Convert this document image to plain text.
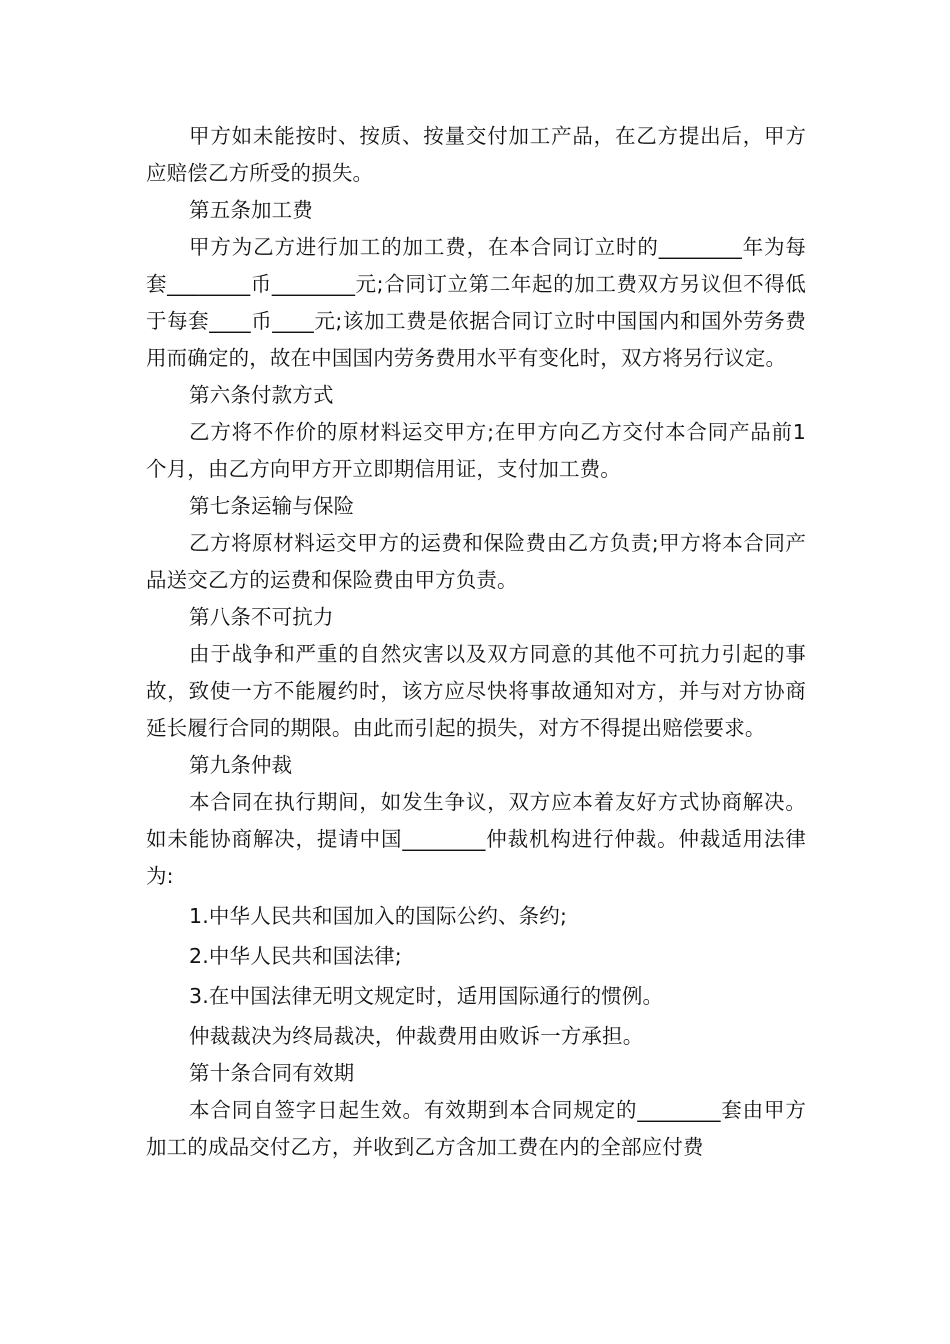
甲方如未能按时、按质、按量交付加工产品，在乙方提出后，甲方应赔偿乙方所受的损失。

第五条加工费

甲方为乙方进行加工的加工费，在本合同订立时的________年为每套________币________元;合同订立第二年起的加工费双方另议但不得低于每套____币____元;该加工费是依据合同订立时中国国内和国外劳务费用而确定的，故在中国国内劳务费用水平有变化时，双方将另行议定。

第六条付款方式

乙方将不作价的原材料运交甲方;在甲方向乙方交付本合同产品前1个月，由乙方向甲方开立即期信用证，支付加工费。

第七条运输与保险

乙方将原材料运交甲方的运费和保险费由乙方负责;甲方将本合同产品送交乙方的运费和保险费由甲方负责。

第八条不可抗力

由于战争和严重的自然灾害以及双方同意的其他不可抗力引起的事故，致使一方不能履约时，该方应尽快将事故通知对方，并与对方协商延长履行合同的期限。由此而引起的损失，对方不得提出赔偿要求。

第九条仲裁

本合同在执行期间，如发生争议，双方应本着友好方式协商解决。如未能协商解决，提请中国________仲裁机构进行仲裁。仲裁适用法律为:

1.中华人民共和国加入的国际公约、条约;

2.中华人民共和国法律;

3.在中国法律无明文规定时，适用国际通行的惯例。

仲裁裁决为终局裁决，仲裁费用由败诉一方承担。

第十条合同有效期

本合同自签字日起生效。有效期到本合同规定的________套由甲方加工的成品交付乙方，并收到乙方含加工费在内的全部应付费
